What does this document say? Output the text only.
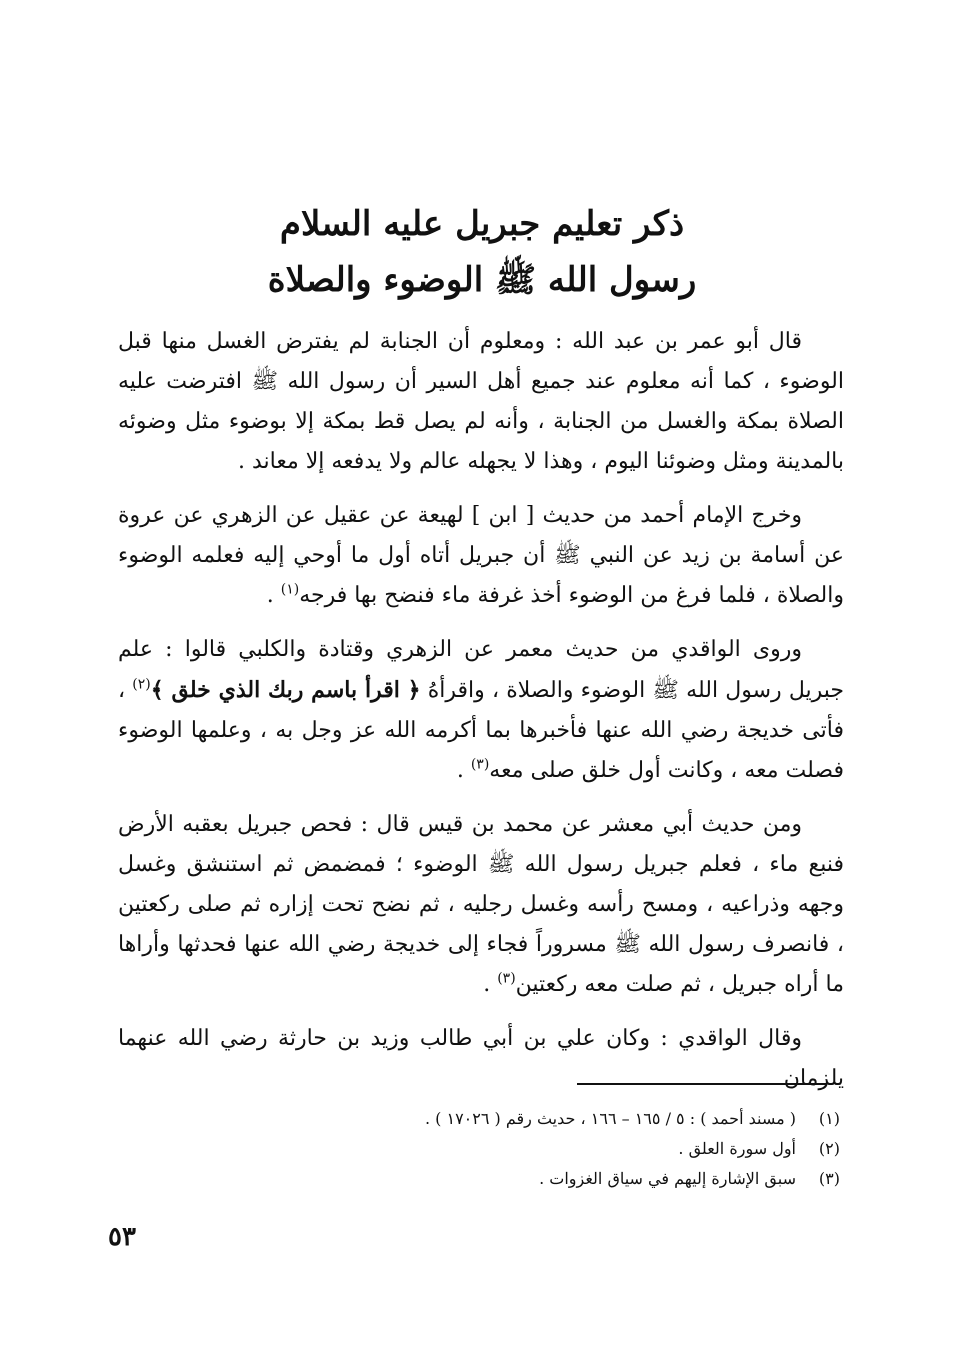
ذكر تعليم جبريل عليه السلام
رسول الله ﷺ الوضوء والصلاة

قال أبو عمر بن عبد الله : ومعلوم أن الجنابة لم يفترض الغسل منها قبل الوضوء ، كما أنه معلوم عند جميع أهل السير أن رسول الله ﷺ افترضت عليه الصلاة بمكة والغسل من الجنابة ، وأنه لم يصل قط بمكة إلا بوضوء مثل وضوئه بالمدينة ومثل وضوئنا اليوم ، وهذا لا يجهله عالم ولا يدفعه إلا معاند .

وخرج الإمام أحمد من حديث [ ابن ] لهيعة عن عقيل عن الزهري عن عروة عن أسامة بن زيد عن النبي ﷺ أن جبريل أتاه أول ما أوحي إليه فعلمه الوضوء والصلاة ، فلما فرغ من الوضوء أخذ غرفة ماء فنضح بها فرجه$^{(١)}$ .

وروى الواقدي من حديث معمر عن الزهري وقتادة والكلبي قالوا : علم جبريل رسول الله ﷺ الوضوء والصلاة ، واقرأهُ ﴿ اقرأ باسم ربك الذي خلق ﴾$^{(٢)}$ ، فأتى خديجة رضي الله عنها فأخبرها بما أكرمه الله عز وجل به ، وعلمها الوضوء فصلت معه ، وكانت أول خلق صلى معه$^{(٣)}$ .

ومن حديث أبي معشر عن محمد بن قيس قال : فحص جبريل بعقبه الأرض فنبع ماء ، فعلم جبريل رسول الله ﷺ الوضوء ؛ فمضمض ثم استنشق وغسل وجهه وذراعيه ، ومسح رأسه وغسل رجليه ، ثم نضح تحت إزاره ثم صلى ركعتين ، فانصرف رسول الله ﷺ مسروراً فجاء إلى خديجة رضي الله عنها فحدثها وأراها ما أراه جبريل ، ثم صلت معه ركعتين$^{(٣)}$ .

وقال الواقدي : وكان علي بن أبي طالب وزيد بن حارثة رضي الله عنهما يلزمان

(١)
( مسند أحمد ) : ٥ / ١٦٥ – ١٦٦ ، حديث رقم ( ١٧٠٢٦ ) .
(٢)
أول سورة العلق .
(٣)
سبق الإشارة إليهم في سياق الغزوات .
٥٣
